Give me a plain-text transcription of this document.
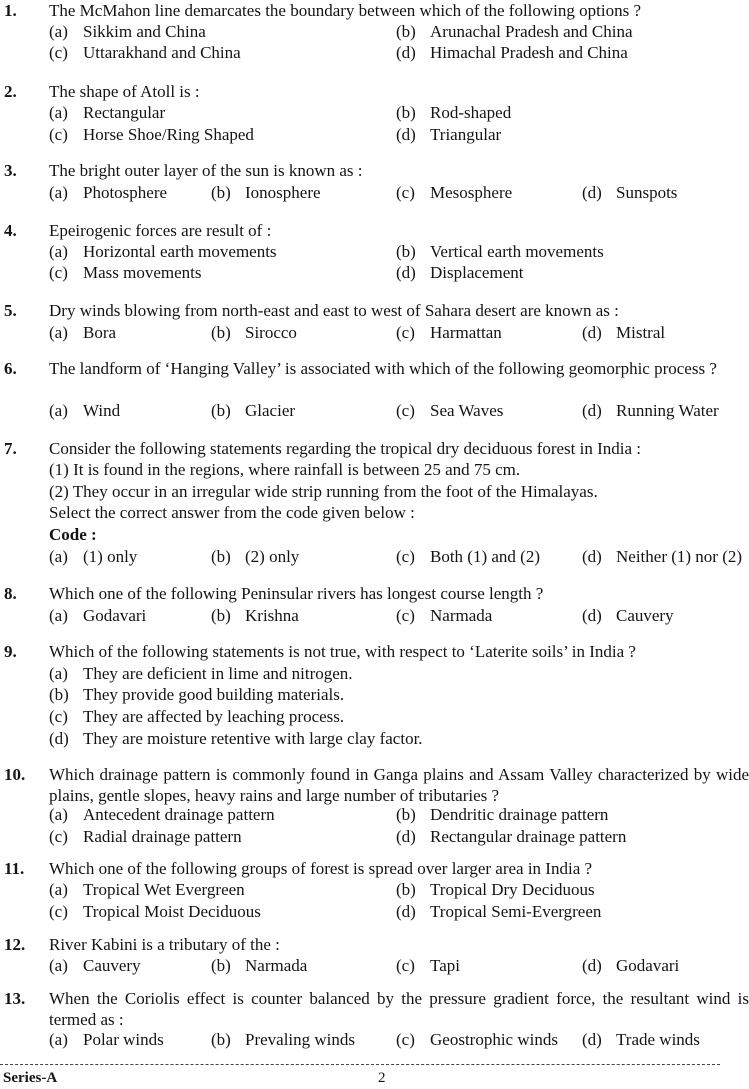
1. The McMahon line demarcates the boundary between which of the following options ?
(a) Sikkim and China	(b) Arunachal Pradesh and China
(c) Uttarakhand and China	(d) Himachal Pradesh and China
2. The shape of Atoll is :
(a) Rectangular	(b) Rod-shaped
(c) Horse Shoe/Ring Shaped	(d) Triangular
3. The bright outer layer of the sun is known as :
(a) Photosphere	(b) Ionosphere	(c) Mesosphere	(d) Sunspots
4. Epeirogenic forces are result of :
(a) Horizontal earth movements	(b) Vertical earth movements
(c) Mass movements	(d) Displacement
5. Dry winds blowing from north-east and east to west of Sahara desert are known as :
(a) Bora	(b) Sirocco	(c) Harmattan	(d) Mistral
6. The landform of ‘Hanging Valley’ is associated with which of the following geomorphic process ?
(a) Wind	(b) Glacier	(c) Sea Waves	(d) Running Water
7. Consider the following statements regarding the tropical dry deciduous forest in India :
(1) It is found in the regions, where rainfall is between 25 and 75 cm.
(2) They occur in an irregular wide strip running from the foot of the Himalayas.
Select the correct answer from the code given below :
Code :
(a) (1) only	(b) (2) only	(c) Both (1) and (2) (d) Neither (1) nor (2)
8. Which one of the following Peninsular rivers has longest course length ?
(a) Godavari	(b) Krishna	(c) Narmada	(d) Cauvery
9. Which of the following statements is not true, with respect to ‘Laterite soils’ in India ?
(a) They are deficient in lime and nitrogen.
(b) They provide good building materials.
(c) They are affected by leaching process.
(d) They are moisture retentive with large clay factor.
10. Which drainage pattern is commonly found in Ganga plains and Assam Valley characterized by wide plains, gentle slopes, heavy rains and large number of tributaries ?
(a) Antecedent drainage pattern	(b) Dendritic drainage pattern
(c) Radial drainage pattern	(d) Rectangular drainage pattern
11. Which one of the following groups of forest is spread over larger area in India ?
(a) Tropical Wet Evergreen	(b) Tropical Dry Deciduous
(c) Tropical Moist Deciduous	(d) Tropical Semi-Evergreen
12. River Kabini is a tributary of the :
(a) Cauvery	(b) Narmada	(c) Tapi	(d) Godavari
13. When the Coriolis effect is counter balanced by the pressure gradient force, the resultant wind is termed as :
(a) Polar winds	(b) Prevaling winds (c) Geostrophic winds (d) Trade winds
Series-A	2
